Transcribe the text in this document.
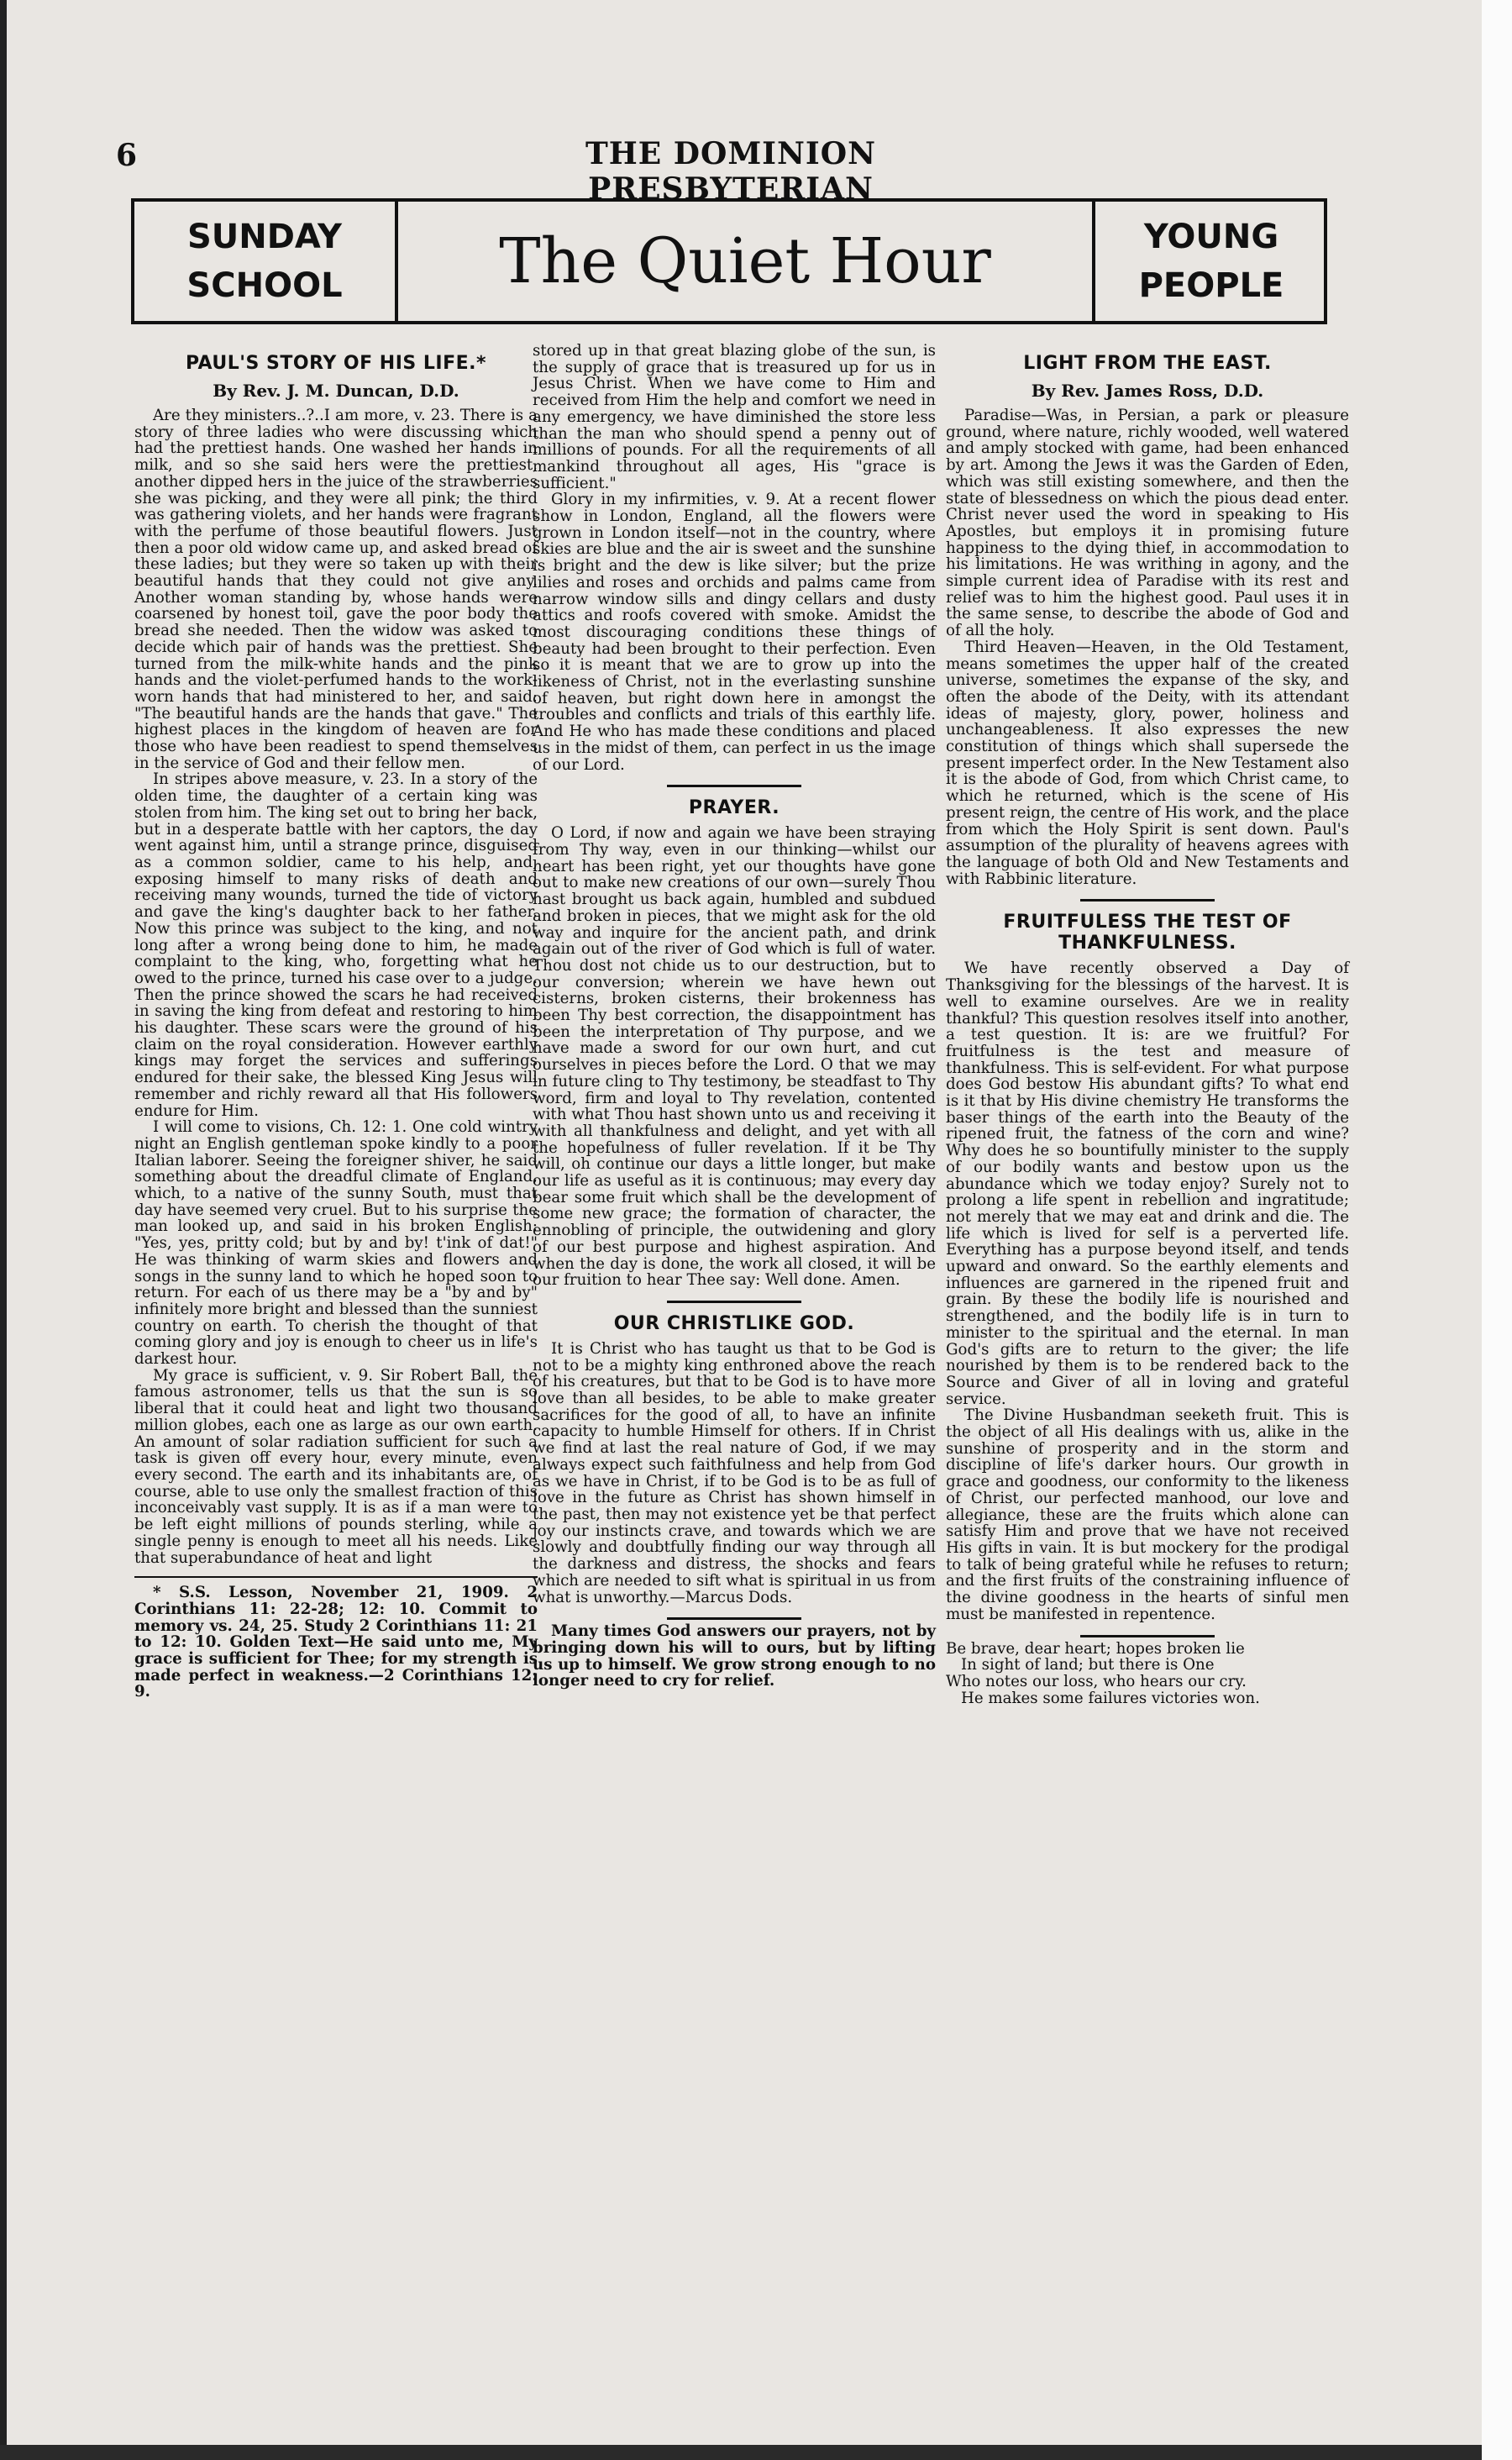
6	THE DOMINION PRESBYTERIAN
SUNDAY
SCHOOL	The Quiet Hour	YOUNG
PEOPLE
PAUL'S STORY OF HIS LIFE.*
By Rev. J. M. Duncan, D.D.

Are they ministers..?..I am more, v. 23. There is a story of three ladies who were discussing which had the prettiest hands. One washed her hands in milk, and so she said hers were the prettiest, another dipped hers in the juice of the strawberries she was picking, and they were all pink; the third was gathering violets, and her hands were fragrant with the perfume of those beautiful flowers. Just then a poor old widow came up, and asked bread of these ladies; but they were so taken up with their beautiful hands that they could not give any. Another woman standing by, whose hands were coarsened by honest toil, gave the poor body the bread she needed. Then the widow was asked to decide which pair of hands was the prettiest. She turned from the milk-white hands and the pink hands and the violet-perfumed hands to the work-worn hands that had ministered to her, and said: "The beautiful hands are the hands that gave." The highest places in the kingdom of heaven are for those who have been readiest to spend themselves in the service of God and their fellow men.

In stripes above measure, v. 23. In a story of the olden time, the daughter of a certain king was stolen from him. The king set out to bring her back, but in a desperate battle with her captors, the day went against him, until a strange prince, disguised as a common soldier, came to his help, and, exposing himself to many risks of death and receiving many wounds, turned the tide of victory and gave the king's daughter back to her father. Now this prince was subject to the king, and not long after a wrong being done to him, he made complaint to the king, who, forgetting what he owed to the prince, turned his case over to a judge. Then the prince showed the scars he had received in saving the king from defeat and restoring to him his daughter. These scars were the ground of his claim on the royal consideration. However earthly kings may forget the services and sufferings endured for their sake, the blessed King Jesus will remember and richly reward all that His followers endure for Him.

I will come to visions, Ch. 12: 1. One cold wintry night an English gentleman spoke kindly to a poor Italian laborer. Seeing the foreigner shiver, he said something about the dreadful climate of England, which, to a native of the sunny South, must that day have seemed very cruel. But to his surprise the man looked up, and said in his broken English: "Yes, yes, pritty cold; but by and by! t'ink of dat!" He was thinking of warm skies and flowers and songs in the sunny land to which he hoped soon to return. For each of us there may be a "by and by" infinitely more bright and blessed than the sunniest country on earth. To cherish the thought of that coming glory and joy is enough to cheer us in life's darkest hour.

My grace is sufficient, v. 9. Sir Robert Ball, the famous astronomer, tells us that the sun is so liberal that it could heat and light two thousand million globes, each one as large as our own earth. An amount of solar radiation sufficient for such a task is given off every hour, every minute, even every second. The earth and its inhabitants are, of course, able to use only the smallest fraction of this inconceivably vast supply. It is as if a man were to be left eight millions of pounds sterling, while a single penny is enough to meet all his needs. Like that superabundance of heat and light

* S.S. Lesson, November 21, 1909. 2 Corinthians 11: 22-28; 12: 10. Commit to memory vs. 24, 25. Study 2 Corinthians 11: 21 to 12: 10. Golden Text—He said unto me, My grace is sufficient for Thee; for my strength is made perfect in weakness.—2 Corinthians 12: 9.

stored up in that great blazing globe of the sun, is the supply of grace that is treasured up for us in Jesus Christ. When we have come to Him and received from Him the help and comfort we need in any emergency, we have diminished the store less than the man who should spend a penny out of millions of pounds. For all the requirements of all mankind throughout all ages, His "grace is sufficient."

Glory in my infirmities, v. 9. At a recent flower show in London, England, all the flowers were grown in London itself—not in the country, where skies are blue and the air is sweet and the sunshine is bright and the dew is like silver; but the prize lilies and roses and orchids and palms came from narrow window sills and dingy cellars and dusty attics and roofs covered with smoke. Amidst the most discouraging conditions these things of beauty had been brought to their perfection. Even so it is meant that we are to grow up into the likeness of Christ, not in the everlasting sunshine of heaven, but right down here in amongst the troubles and conflicts and trials of this earthly life. And He who has made these conditions and placed us in the midst of them, can perfect in us the image of our Lord.

PRAYER.

O Lord, if now and again we have been straying from Thy way, even in our thinking—whilst our heart has been right, yet our thoughts have gone out to make new creations of our own—surely Thou hast brought us back again, humbled and subdued and broken in pieces, that we might ask for the old way and inquire for the ancient path, and drink again out of the river of God which is full of water. Thou dost not chide us to our destruction, but to our conversion; wherein we have hewn out cisterns, broken cisterns, their brokenness has been Thy best correction, the disappointment has been the interpretation of Thy purpose, and we have made a sword for our own hurt, and cut ourselves in pieces before the Lord. O that we may in future cling to Thy testimony, be steadfast to Thy word, firm and loyal to Thy revelation, contented with what Thou hast shown unto us and receiving it with all thankfulness and delight, and yet with all the hopefulness of fuller revelation. If it be Thy will, oh continue our days a little longer, but make our life as useful as it is continuous; may every day bear some fruit which shall be the development of some new grace; the formation of character, the ennobling of principle, the outwidening and glory of our best purpose and highest aspiration. And when the day is done, the work all closed, it will be our fruition to hear Thee say: Well done. Amen.

OUR CHRISTLIKE GOD.

It is Christ who has taught us that to be God is not to be a mighty king enthroned above the reach of his creatures, but that to be God is to have more love than all besides, to be able to make greater sacrifices for the good of all, to have an infinite capacity to humble Himself for others. If in Christ we find at last the real nature of God, if we may always expect such faithfulness and help from God as we have in Christ, if to be God is to be as full of love in the future as Christ has shown himself in the past, then may not existence yet be that perfect joy our instincts crave, and towards which we are slowly and doubtfully finding our way through all the darkness and distress, the shocks and fears which are needed to sift what is spiritual in us from what is unworthy.—Marcus Dods.

Many times God answers our prayers, not by bringing down his will to ours, but by lifting us up to himself. We grow strong enough to no longer need to cry for relief.

LIGHT FROM THE EAST.
By Rev. James Ross, D.D.

Paradise—Was, in Persian, a park or pleasure ground, where nature, richly wooded, well watered and amply stocked with game, had been enhanced by art. Among the Jews it was the Garden of Eden, which was still existing somewhere, and then the state of blessedness on which the pious dead enter. Christ never used the word in speaking to His Apostles, but employs it in promising future happiness to the dying thief, in accommodation to his limitations. He was writhing in agony, and the simple current idea of Paradise with its rest and relief was to him the highest good. Paul uses it in the same sense, to describe the abode of God and of all the holy.

Third Heaven—Heaven, in the Old Testament, means sometimes the upper half of the created universe, sometimes the expanse of the sky, and often the abode of the Deity, with its attendant ideas of majesty, glory, power, holiness and unchangeableness. It also expresses the new constitution of things which shall supersede the present imperfect order. In the New Testament also it is the abode of God, from which Christ came, to which he returned, which is the scene of His present reign, the centre of His work, and the place from which the Holy Spirit is sent down. Paul's assumption of the plurality of heavens agrees with the language of both Old and New Testaments and with Rabbinic literature.

FRUITFULESS THE TEST OF THANKFULNESS.

We have recently observed a Day of Thanksgiving for the blessings of the harvest. It is well to examine ourselves. Are we in reality thankful? This question resolves itself into another, a test question. It is: are we fruitful? For fruitfulness is the test and measure of thankfulness. This is self-evident. For what purpose does God bestow His abundant gifts? To what end is it that by His divine chemistry He transforms the baser things of the earth into the Beauty of the ripened fruit, the fatness of the corn and wine? Why does he so bountifully minister to the supply of our bodily wants and bestow upon us the abundance which we today enjoy? Surely not to prolong a life spent in rebellion and ingratitude; not merely that we may eat and drink and die. The life which is lived for self is a perverted life. Everything has a purpose beyond itself, and tends upward and onward. So the earthly elements and influences are garnered in the ripened fruit and grain. By these the bodily life is nourished and strengthened, and the bodily life is in turn to minister to the spiritual and the eternal. In man God's gifts are to return to the giver; the life nourished by them is to be rendered back to the Source and Giver of all in loving and grateful service.

The Divine Husbandman seeketh fruit. This is the object of all His dealings with us, alike in the sunshine of prosperity and in the storm and discipline of life's darker hours. Our growth in grace and goodness, our conformity to the likeness of Christ, our perfected manhood, our love and allegiance, these are the fruits which alone can satisfy Him and prove that we have not received His gifts in vain. It is but mockery for the prodigal to talk of being grateful while he refuses to return; and the first fruits of the constraining influence of the divine goodness in the hearts of sinful men must be manifested in repentence.

Be brave, dear heart; hopes broken lie

In sight of land; but there is One

Who notes our loss, who hears our cry.

He makes some failures victories won.
